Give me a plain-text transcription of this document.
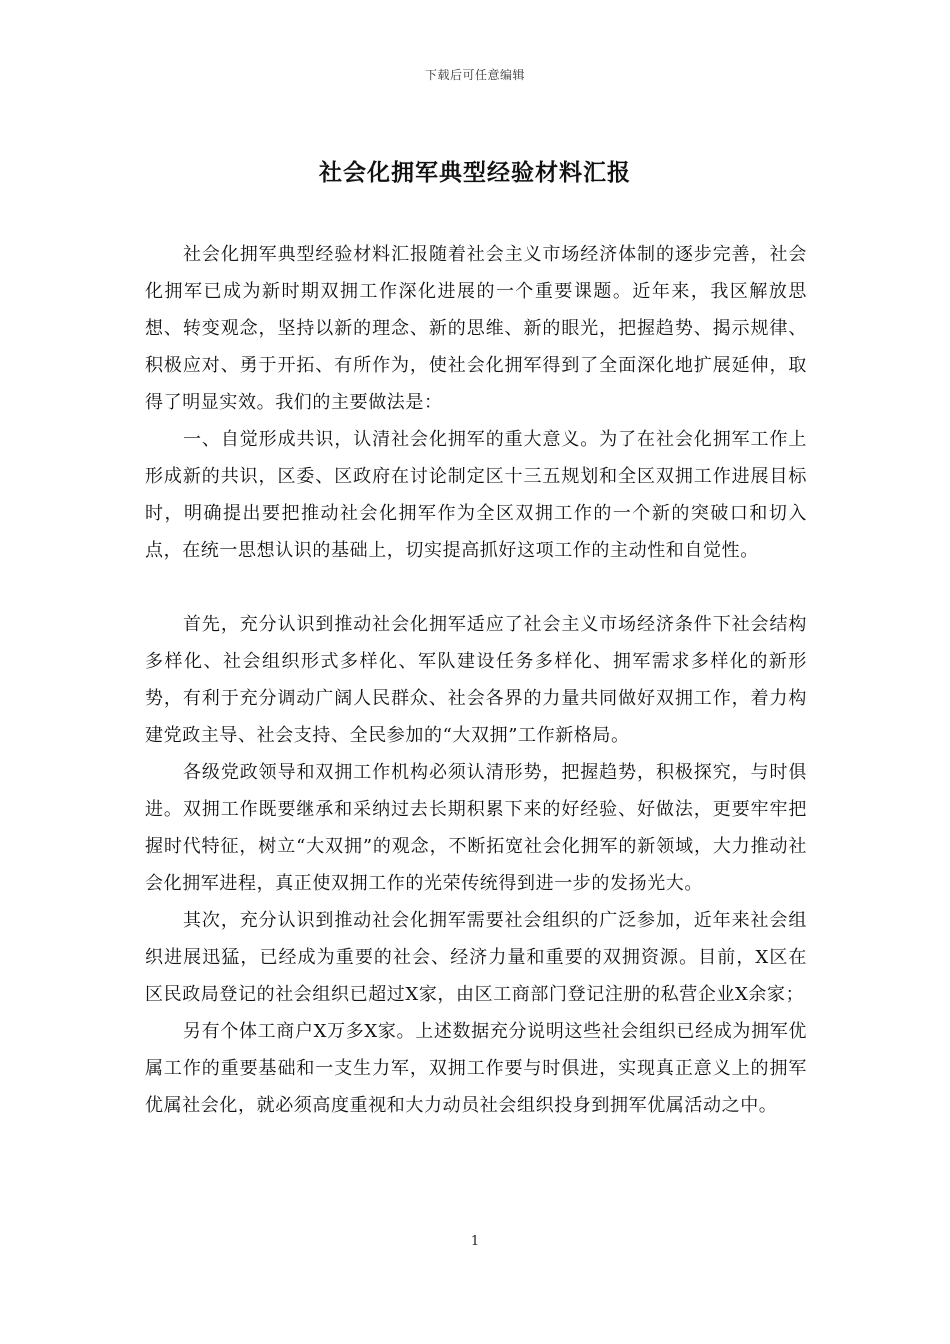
下载后可任意编辑
社会化拥军典型经验材料汇报

社会化拥军典型经验材料汇报随着社会主义市场经济体制的逐步完善，社会化拥军已成为新时期双拥工作深化进展的一个重要课题。近年来，我区解放思想、转变观念，坚持以新的理念、新的思维、新的眼光，把握趋势、揭示规律、积极应对、勇于开拓、有所作为，使社会化拥军得到了全面深化地扩展延伸，取得了明显实效。我们的主要做法是：

一、自觉形成共识，认清社会化拥军的重大意义。为了在社会化拥军工作上形成新的共识，区委、区政府在讨论制定区十三五规划和全区双拥工作进展目标时，明确提出要把推动社会化拥军作为全区双拥工作的一个新的突破口和切入点，在统一思想认识的基础上，切实提高抓好这项工作的主动性和自觉性。

首先，充分认识到推动社会化拥军适应了社会主义市场经济条件下社会结构多样化、社会组织形式多样化、军队建设任务多样化、拥军需求多样化的新形势，有利于充分调动广阔人民群众、社会各界的力量共同做好双拥工作，着力构建党政主导、社会支持、全民参加的“大双拥”工作新格局。

各级党政领导和双拥工作机构必须认清形势，把握趋势，积极探究，与时俱进。双拥工作既要继承和采纳过去长期积累下来的好经验、好做法，更要牢牢把握时代特征，树立“大双拥”的观念，不断拓宽社会化拥军的新领域，大力推动社会化拥军进程，真正使双拥工作的光荣传统得到进一步的发扬光大。

其次，充分认识到推动社会化拥军需要社会组织的广泛参加，近年来社会组织进展迅猛，已经成为重要的社会、经济力量和重要的双拥资源。目前，X区在区民政局登记的社会组织已超过X家，由区工商部门登记注册的私营企业X余家；

另有个体工商户X万多X家。上述数据充分说明这些社会组织已经成为拥军优属工作的重要基础和一支生力军，双拥工作要与时俱进，实现真正意义上的拥军优属社会化，就必须高度重视和大力动员社会组织投身到拥军优属活动之中。

1
